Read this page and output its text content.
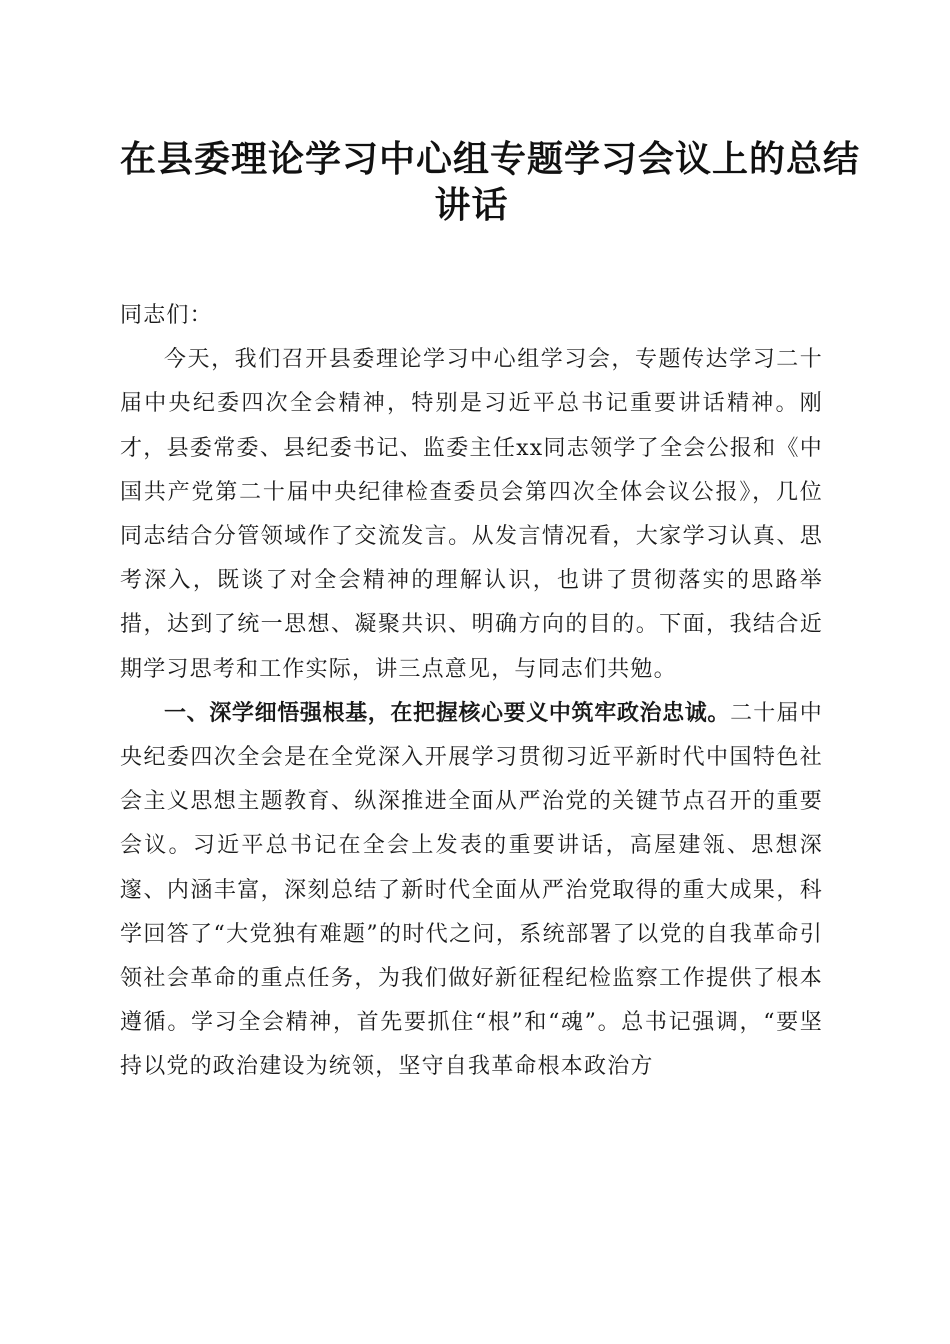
在县委理论学习中心组专题学习会议上的总结
讲话

同志们：

今天，我们召开县委理论学习中心组学习会，专题传达学习二十届中央纪委四次全会精神，特别是习近平总书记重要讲话精神。刚才，县委常委、县纪委书记、监委主任xx同志领学了全会公报和《中国共产党第二十届中央纪律检查委员会第四次全体会议公报》，几位同志结合分管领域作了交流发言。从发言情况看，大家学习认真、思考深入，既谈了对全会精神的理解认识，也讲了贯彻落实的思路举措，达到了统一思想、凝聚共识、明确方向的目的。下面，我结合近期学习思考和工作实际，讲三点意见，与同志们共勉。

一、深学细悟强根基，在把握核心要义中筑牢政治忠诚。二十届中央纪委四次全会是在全党深入开展学习贯彻习近平新时代中国特色社会主义思想主题教育、纵深推进全面从严治党的关键节点召开的重要会议。习近平总书记在全会上发表的重要讲话，高屋建瓴、思想深邃、内涵丰富，深刻总结了新时代全面从严治党取得的重大成果，科学回答了“大党独有难题”的时代之问，系统部署了以党的自我革命引领社会革命的重点任务，为我们做好新征程纪检监察工作提供了根本遵循。学习全会精神，首先要抓住“根”和“魂”。总书记强调，“要坚持以党的政治建设为统领，坚守自我革命根本政治方
